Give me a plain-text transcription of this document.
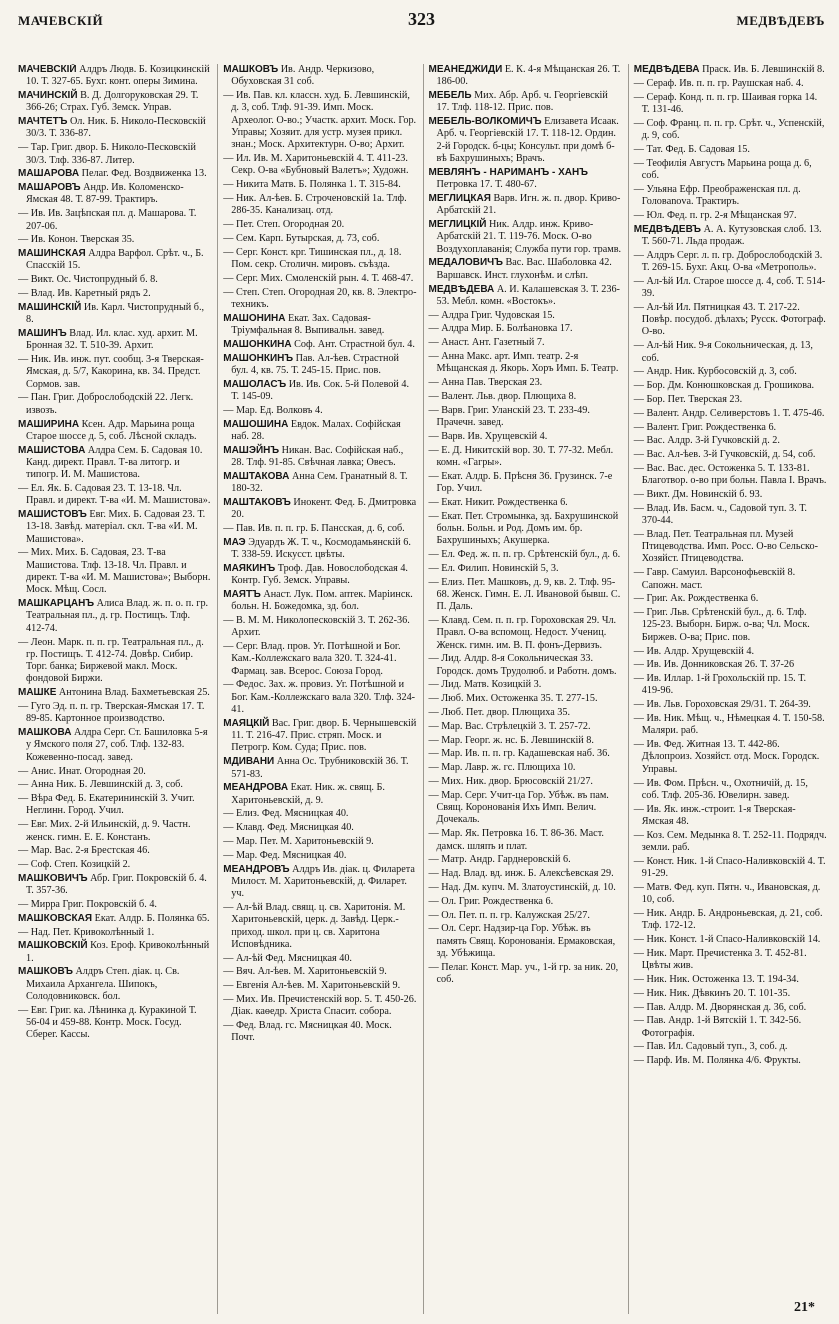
МАЧЕВСКІЙ	323	МЕДВѢДЕВЪ
МАЧЕВСКІЙ Алдръ Людв. Б. Козицкинскій 10. Т. 327-65. Бухг. конт. оперы Зимина.
МАЧИНСКІЙ В. Д. Долгоруковская 29. Т. 366-26; Страх. Губ. Земск. Управ.
МАЧТЕТЪ Ол. Ник. Б. Николо-Песковскій 30/3. Т. 336-87.
— Тар. Григ. двор. Б. Николо-Песковскій 30/3. Тлф. 336-87. Литер.
МАШАРОВА Пелаг. Фед. Воздвиженка 13.
МАШАРОВЪ Андр. Ив. Коломенско-Ямская 48. Т. 87-99. Трактиръ.
— Ив. Ив. Зацѣпская пл. д. Машарова. Т. 207-06.
— Ив. Конон. Тверская 35.
МАШИНСКАЯ Алдра Варфол. Срѣт. ч., Б. Спасскій 15.
— Викт. Ос. Чистопрудный б. 8.
— Влад. Ив. Каретный рядъ 2.
МАШИНСКІЙ Ив. Карл. Чистопрудный б., 8.
МАШИНЪ Влад. Ил. клас. худ. архит. М. Бронная 32. Т. 510-39. Архит.
— Ник. Ив. инж. пут. сообщ. 3-я Тверская-Ямская, д. 5/7, Какорина, кв. 34. Предст. Сормов. зав.
— Пан. Григ. Доброслободскій 22. Легк. извозъ.
МАШИРИНА Ксен. Адр. Марьина роща Старое шоссе д. 5, соб. Лѣсной складъ.
МАШИСТОВА Алдра Сем. Б. Садовая 10. Канд. директ. Правл. Т-ва литогр. и типогр. И. М. Машистова.
— Ел. Як. Б. Садовая 23. Т. 13-18. Чл. Правл. и директ. Т-ва «И. М. Машистова».
МАШИСТОВЪ Евг. Мих. Б. Садовая 23. Т. 13-18. Завѣд. матеріал. скл. Т-ва «И. М. Машистова».
— Мих. Мих. Б. Садовая, 23. Т-ва Машистова. Тлф. 13-18. Чл. Правл. и директ. Т-ва «И. М. Машистова»; Выборн. Моск. Мѣщ. Сосл.
МАШКАРЦАНЪ Алиса Влад. ж. п. о. п. гр. Театральная пл., д. гр. Постищъ. Тлф. 412-74.
— Леон. Марк. п. п. гр. Театральная пл., д. гр. Постищъ. Т. 412-74. Довѣр. Сибир. Торг. банка; Биржевой макл. Моск. фондовой Биржи.
МАШКЕ Антонина Влад. Бахметьевская 25.
— Гуго Эд. п. п. гр. Тверская-Ямская 17. Т. 89-85. Картонное производство.
МАШКОВА Алдра Серг. Ст. Башиловка 5-я у Ямского поля 27, соб. Тлф. 132-83. Кожевенно-посад. завед.
— Анис. Инат. Огородная 20.
— Анна Ник. Б. Левшинскій д. 3, соб.
— Вѣра Фед. Б. Екатерининскій 3. Учит. Неглинн. Город. Учил.
— Евг. Мих. 2-й Ильинскій, д. 9. Частн. женск. гимн. Е. Е. Констанъ.
— Мар. Вас. 2-я Брестская 46.
— Соф. Степ. Козицкій 2.
МАШКОВИЧЪ Абр. Григ. Покровскій б. 4. Т. 357-36.
— Мирра Григ. Покровскій б. 4.
МАШКОВСКАЯ Екат. Алдр. Б. Полянка 65.
— Над. Пет. Кривоколѣнный 1.
МАШКОВСКІЙ Коз. Ероф. Кривоколѣнный 1.
МАШКОВЪ Алдръ Степ. діак. ц. Св. Михаила Архангела. Шипокъ, Солодовниковск. бол.
— Евг. Григ. ка. Лѣнинка д. Куракиной Т. 56-04 и 459-88. Контр. Моск. Госуд. Сберег. Кассы.
МАШКОВЪ Ив. Андр. Черкизово, Обуховская 31 соб.
— Ив. Пав. кл. классн. худ. Б. Левшинскій, д. 3, соб. Тлф. 91-39. Имп. Моск. Археолог. О-во.; Участк. архит. Моск. Гор. Управы; Хозяит. для устр. музея прикл. знан.; Моск. Архитектурн. О-во; Архит.
— Ил. Ив. М. Харитоньевскій 4. Т. 411-23. Секр. О-ва «Бубновый Валетъ»; Художн.
— Никита Матв. Б. Полянка 1. Т. 315-84.
— Ник. Ал-ѣев. Б. Строченовскій 1а. Тлф. 286-35. Канализац. отд.
— Пет. Степ. Огородная 20.
— Сем. Карп. Бутырская, д. 73, соб.
— Серг. Конст. крг. Тишинская пл., д. 18. Пом. секр. Столичн. мировъ. съѣзда.
— Серг. Мих. Смоленскій рын. 4. Т. 468-47.
— Степ. Степ. Огородная 20, кв. 8. Электро-техникъ.
МАШОНИНА Екат. Зах. Садовая-Тріумфальная 8. Выпивальн. завед.
МАШОНКИНА Соф. Ант. Страстной бул. 4.
МАШОНКИНЪ Пав. Ал-ѣев. Страстной бул. 4, кв. 75. Т. 245-15. Прис. пов.
МАШОЛАСЪ Ив. Ив. Сок. 5-й Полевой 4. Т. 145-09.
— Мар. Ед. Волковъ 4.
МАШОШИНА Евдок. Малах. Софійская наб. 28.
МАШЭЙНЪ Никан. Вас. Софійская наб., 28. Тлф. 91-85. Свѣчная лавка; Овесъ.
МАШТАКОВА Анна Сем. Гранатный 8. Т. 180-32.
МАШТАКОВЪ Инокент. Фед. Б. Дмитровка 20.
— Пав. Ив. п. п. гр. Б. Пансская, д. 6, соб.
МАЭ Эдуардъ Ж. Т. ч., Космодамьянскій 6. Т. 338-59. Искусст. цвѣты.
МАЯКИНЪ Троф. Дав. Новослободская 4. Контр. Губ. Земск. Управы.
МАЯТЪ Анаст. Лук. Пом. аптек. Маріинск. больн. Н. Божедомка, зд. бол.
— В. М. М. Николопесковскій 3. Т. 262-36. Архит.
— Серг. Влад. пров. Уг. Потѣшной и Бог. Кам.-Коллежскаго вала 320. Т. 324-41. Фармац. зав. Всерос. Союза Город.
— Федос. Зах. ж. провиз. Уг. Потѣшной и Бог. Кам.-Коллежскаго вала 320. Тлф. 324-41.
МАЯЦКІЙ Вас. Григ. двор. Б. Чернышевскій 11. Т. 216-47. Прис. стряп. Моск. и Петрогр. Ком. Суда; Прис. пов.
МДИВАНИ Анна Ос. Трубниковскій 36. Т. 571-83.
МЕАНДРОВА Екат. Ник. ж. свящ. Б. Харитоньевскій, д. 9.
— Елиз. Фед. Мясницкая 40.
— Клавд. Фед. Мясницкая 40.
— Мар. Пет. М. Харитоньевскій 9.
— Мар. Фед. Мясницкая 40.
МЕАНДРОВЪ Алдръ Ив. діак. ц. Филарета Милост. М. Харитоньевскій, д. Филарет. уч.
— Ал-ѣй Влад. свящ. ц. св. Харитонія. М. Харитоньевскій, церк. д. Завѣд. Церк.-приход. школ. при ц. св. Харитона Исповѣдника.
— Ал-ѣй Фед. Мясницкая 40.
— Вяч. Ал-ѣев. М. Харитоньевскій 9.
— Евгенія Ал-ѣев. М. Харитоньевскій 9.
— Мих. Ив. Пречистенскій вор. 5. Т. 450-26. Діак. каѳедр. Христа Спасит. собора.
— Фед. Влад. гс. Мясницкая 40. Моск. Почт.
МЕАНЕДЖИДИ Е. К. 4-я Мѣщанская 26. Т. 186-00.
МЕБЕЛЬ Мих. Абр. Арб. ч. Георгіевскій 17. Тлф. 118-12. Прис. пов.
МЕБЕЛЬ-ВОЛКОМИЧЪ Елизавета Исаак. Арб. ч. Георгіевскій 17. Т. 118-12. Ордин. 2-й Городск. б-цы; Консульт. при домѣ б-вѣ Бахрушиныхъ; Врачъ.
МЕВЛЯНЪ - НАРИМАНЪ - ХАНЪ Петровка 17. Т. 480-67.
МЕГЛИЦКАЯ Варв. Игн. ж. п. двор. Криво-Арбатскій 21.
МЕГЛИЦКІЙ Ник. Алдр. инж. Криво-Арбатскій 21. Т. 119-76. Моск. О-во Воздухоплаванія; Служба пути гор. трамв.
МЕДАЛОВИЧЪ Вас. Вас. Шаболовка 42. Варшавск. Инст. глухонѣм. и слѣп.
МЕДВѢДЕВА А. И. Калашевская 3. Т. 236-53. Мебл. комн. «Востокъ».
— Алдра Григ. Чудовская 15.
— Алдра Мир. Б. Болѣановка 17.
— Анаст. Ант. Газетный 7.
— Анна Макс. арт. Имп. театр. 2-я Мѣщанская д. Якорь. Хоръ Имп. Б. Театр.
— Анна Пав. Тверская 23.
— Валент. Льв. двор. Плющиха 8.
— Варв. Григ. Уланскій 23. Т. 233-49. Прачечн. завед.
— Варв. Ив. Хрущевскій 4.
— Е. Д. Никитскій вор. 30. Т. 77-32. Мебл. комн. «Гагры».
— Екат. Алдр. Б. Прѣсня 36. Грузинск. 7-е Гор. Учил.
— Екат. Никит. Рождественка 6.
— Екат. Пет. Стромынка, зд. Бахрушинской больн. Больн. и Род. Домъ им. бр. Бахрушиныхъ; Акушерка.
— Ел. Фед. ж. п. п. гр. Срѣтенскій бул., д. 6.
— Ел. Филип. Новинскій 5, 3.
— Елиз. Пет. Машковъ, д. 9, кв. 2. Тлф. 95-68. Женск. Гимн. Е. Л. Ивановой бывш. С. П. Даль.
— Клавд. Сем. п. п. гр. Гороховская 29. Чл. Правл. О-ва вспомощ. Недост. Учениц. Женск. гимн. им. В. П. фонъ-Дервизъ.
— Лид. Алдр. 8-я Сокольническая 33. Городск. домъ Трудолюб. и Работн. домъ.
— Лид. Матв. Козицкій 3.
— Люб. Мих. Остоженка 35. Т. 277-15.
— Люб. Пет. двор. Плющиха 35.
— Мар. Вас. Стрѣлецкій 3. Т. 257-72.
— Мар. Георг. ж. нс. Б. Левшинскій 8.
— Мар. Ив. п. п. гр. Кадашевская наб. 36.
— Мар. Лавр. ж. гс. Плющиха 10.
— Мих. Ник. двор. Брюсовскій 21/27.
— Мар. Серг. Учит-ца Гор. Убѣж. въ пам. Свящ. Коронованія Ихъ Имп. Велич. Дочекаль.
— Мар. Як. Петровка 16. Т. 86-36. Маст. дамск. шляпъ и плат.
— Матр. Андр. Гарднеровскій 6.
— Над. Влад. вд. инж. Б. Алексѣевская 29.
— Над. Дм. купч. М. Златоустинскій, д. 10.
— Ол. Григ. Рождественка 6.
— Ол. Пет. п. п. гр. Калужская 25/27.
— Ол. Серг. Надзир-ца Гор. Убѣж. въ память Свящ. Коронованія. Ермаковская, зд. Убѣжища.
— Пелаг. Конст. Мар. уч., 1-й гр. за ник. 20, соб.
МЕДВѢДЕВА Праск. Ив. Б. Левшинскій 8.
— Сераф. Ив. п. п. гр. Раушская наб. 4.
— Сераф. Конд. п. п. гр. Шаивая горка 14. Т. 131-46.
— Соф. Франц. п. п. гр. Срѣт. ч., Успенскій, д. 9, соб.
— Тат. Фед. Б. Садовая 15.
— Теофилія Августъ Марьина роща д. 6, соб.
— Ульяна Ефр. Преображенская пл. д. Головanova. Трактиръ.
— Юл. Фед. п. гр. 2-я Мѣщанская 97.
МЕДВѢДЕВЪ А. А. Кутузовская слоб. 13. Т. 560-71. Льда продаж.
— Алдръ Серг. л. п. гр. Доброслободскій 3. Т. 269-15. Бухг. Акц. О-ва «Метрополь».
— Ал-ѣй Ил. Старое шоссе д. 4, соб. Т. 514-39.
— Ал-ѣй Ил. Пятницкая 43. Т. 217-22. Повѣр. посудоб. дѣлахъ; Русск. Фотограф. О-во.
— Ал-ѣй Ник. 9-я Сокольническая, д. 13, соб.
— Андр. Ник. Курбосовскій д. 3, соб.
— Бор. Дм. Конюшковская д. Грошикова.
— Бор. Пет. Тверская 23.
— Валент. Андр. Селиверстовъ 1. Т. 475-46.
— Валент. Григ. Рождественка 6.
— Вас. Алдр. 3-й Гучковскій д. 2.
— Вас. Ал-ѣев. 3-й Гучковскій, д. 54, соб.
— Вас. Вас. дес. Остоженка 5. Т. 133-81. Благотвор. о-во при больн. Павла І. Врачъ.
— Викт. Дм. Новинскій б. 93.
— Влад. Ив. Басм. ч., Садовой туп. 3. Т. 370-44.
— Влад. Пет. Театральная пл. Музей Птицеводства. Имп. Росс. О-во Сельско-Хозяйст. Птицеводства.
— Гавр. Самуил. Варсонофьевскій 8. Сапожн. маст.
— Григ. Ак. Рождественка 6.
— Григ. Льв. Срѣтенскій бул., д. 6. Тлф. 125-23. Выборн. Бирж. о-ва; Чл. Моск. Биржев. О-ва; Прис. пов.
— Ив. Алдр. Хрущевскій 4.
— Ив. Ив. Донниковская 26. Т. 37-26
— Ив. Иллар. 1-й Грохольскій пр. 15. Т. 419-96.
— Ив. Льв. Гороховская 29/31. Т. 264-39.
— Ив. Ник. Мѣщ. ч., Нѣмецкая 4. Т. 150-58. Маляри. раб.
— Ив. Фед. Житная 13. Т. 442-86. Дѣлопроиз. Хозяйст. отд. Моск. Городск. Управы.
— Ив. Фом. Прѣсн. ч., Охотничій, д. 15, соб. Тлф. 205-36. Ювелирн. завед.
— Ив. Як. инж.-строит. 1-я Тверская-Ямская 48.
— Коз. Сем. Медынка 8. Т. 252-11. Подрядч. земли. раб.
— Конст. Ник. 1-й Спасо-Наливковскій 4. Т. 91-29.
— Матв. Фед. куп. Пятн. ч., Ивановская, д. 10, соб.
— Ник. Андр. Б. Андроньевская, д. 21, соб. Тлф. 172-12.
— Ник. Конст. 1-й Спасо-Наливковскій 14.
— Ник. Март. Пречистенка 3. Т. 452-81. Цвѣты жив.
— Ник. Ник. Остоженка 13. Т. 194-34.
— Ник. Ник. Дѣвкинъ 20. Т. 101-35.
— Пав. Алдр. М. Дворянская д. 36, соб.
— Пав. Андр. 1-й Вятскій 1. Т. 342-56. Фотографія.
— Пав. Ил. Садовый туп., 3, соб. д.
— Парф. Ив. М. Полянка 4/6. Фрукты.
21*
